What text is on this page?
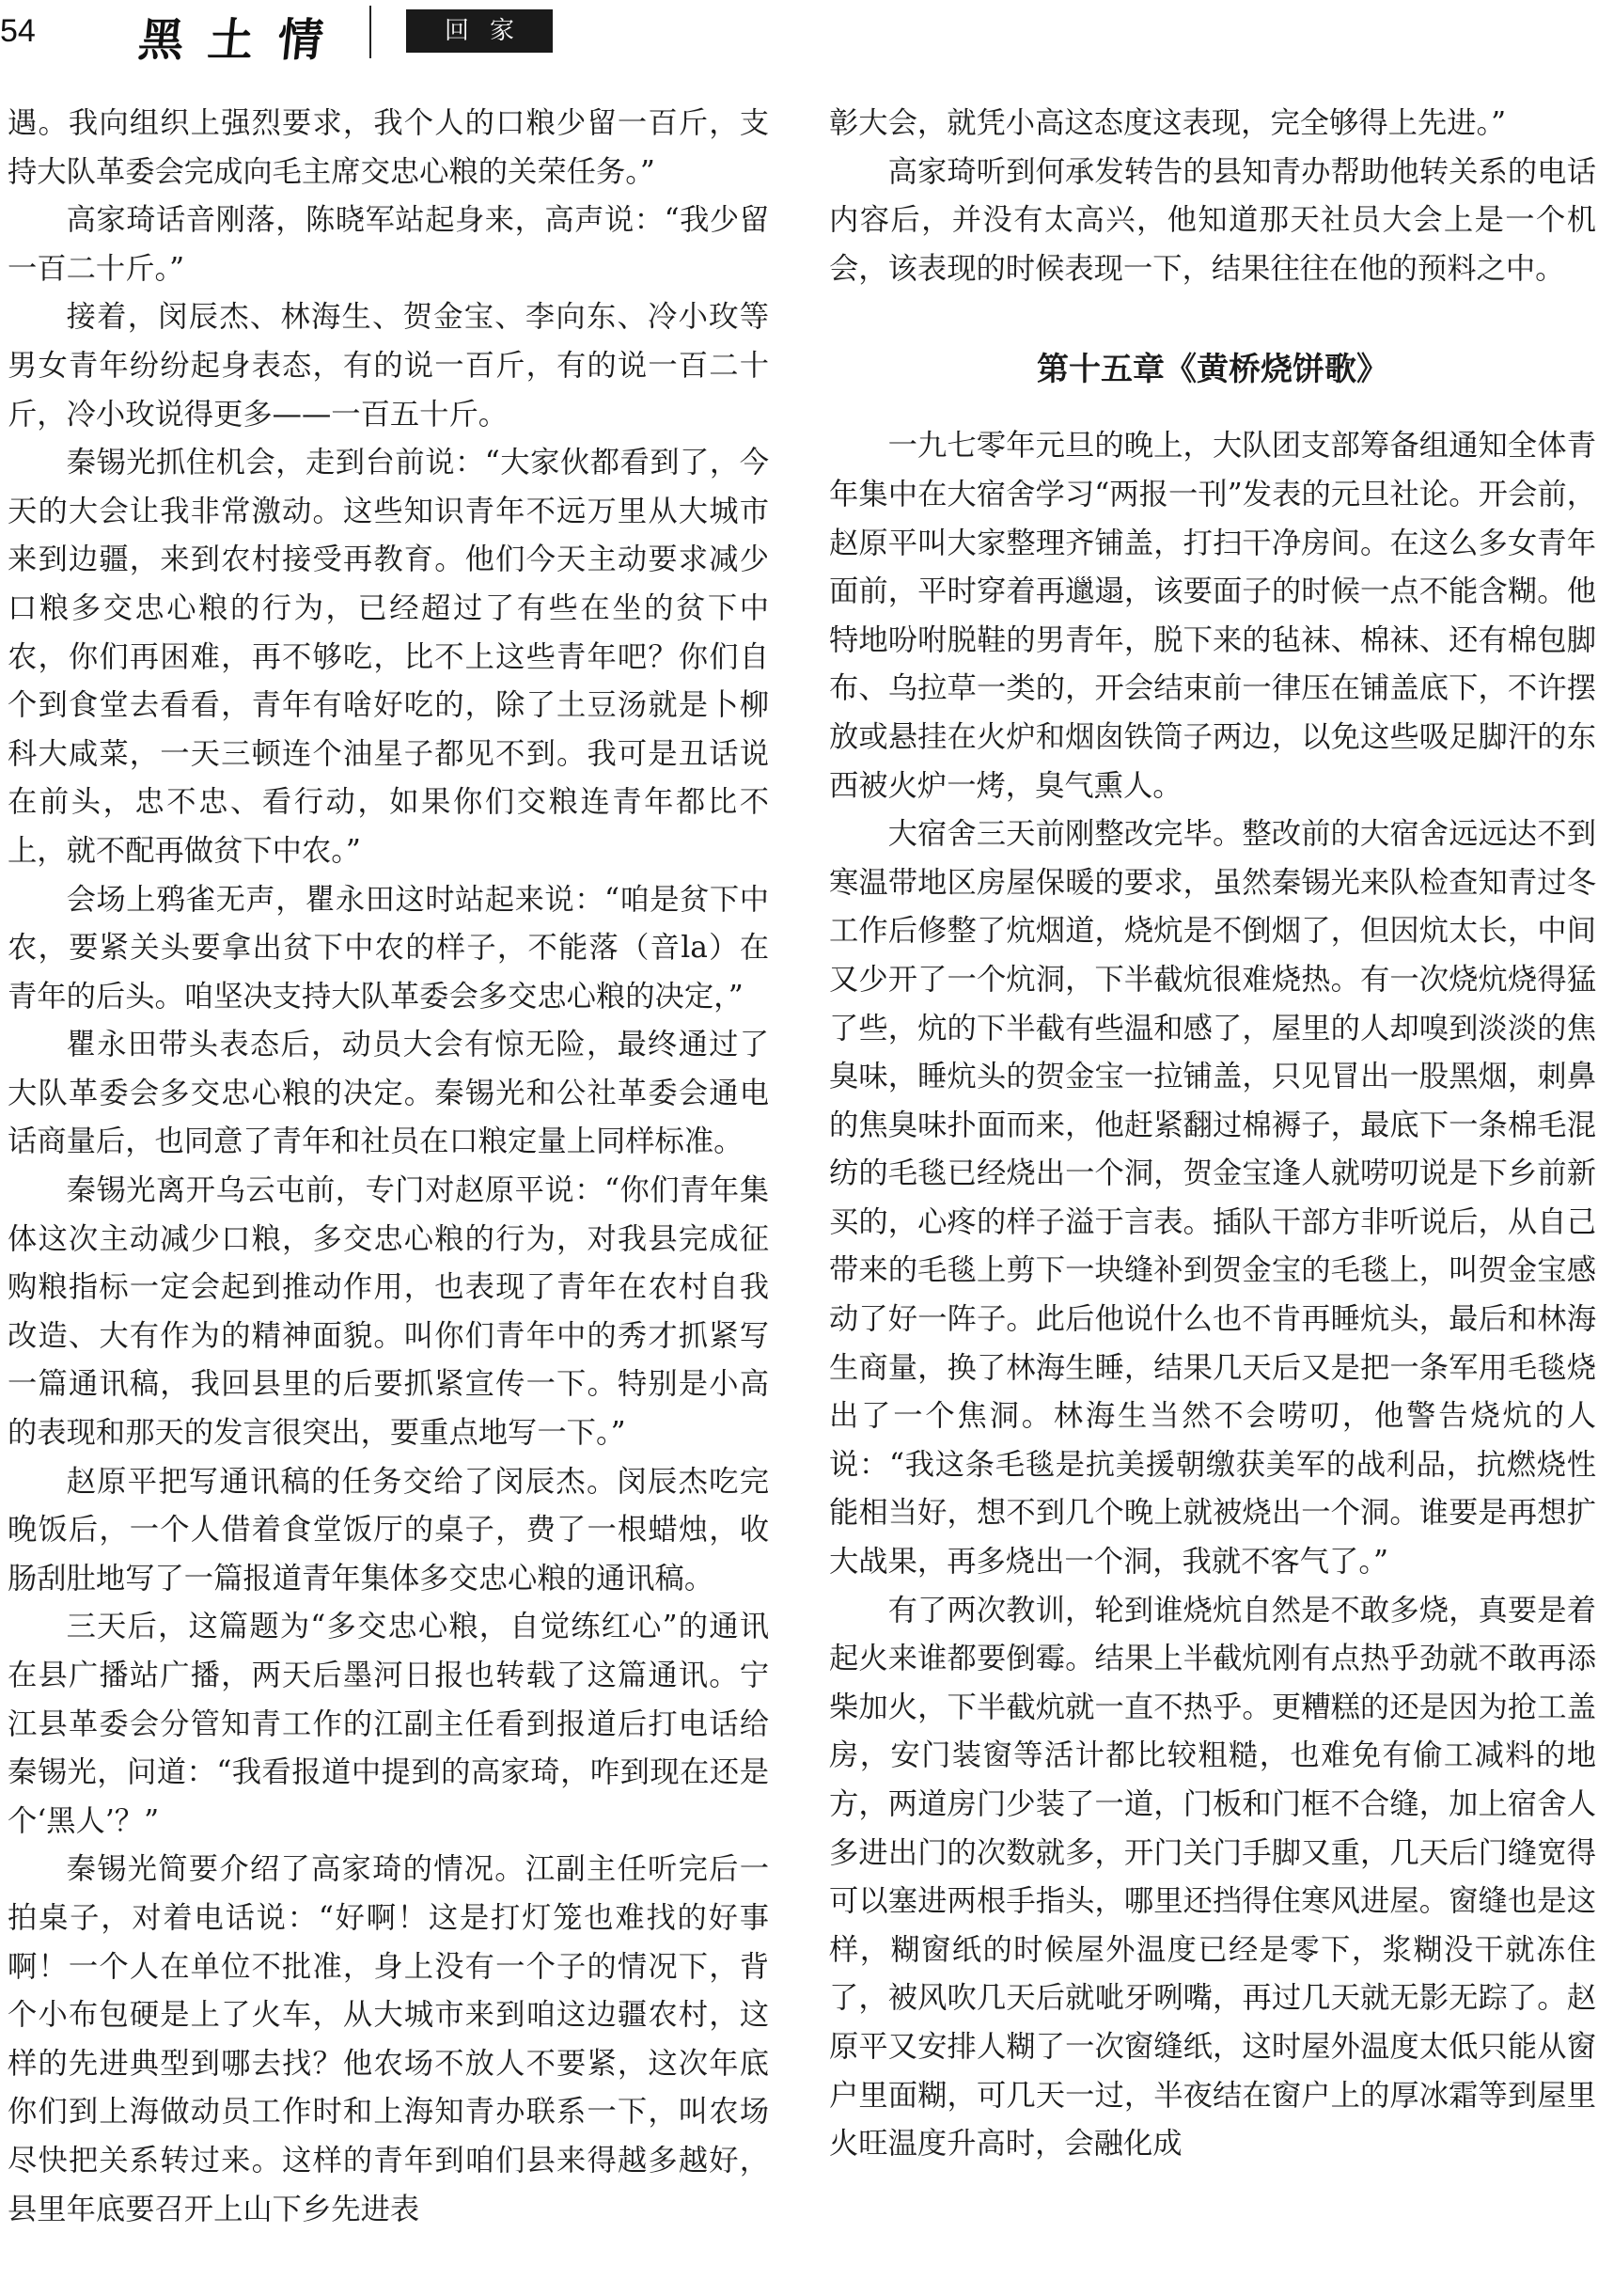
54 黑土情	回家

遇。我向组织上强烈要求，我个人的口粮少留一百斤，支持大队革委会完成向毛主席交忠心粮的关荣任务。”

高家琦话音刚落，陈晓军站起身来，高声说：“我少留一百二十斤。”

接着，闵辰杰、林海生、贺金宝、李向东、冷小玫等男女青年纷纷起身表态，有的说一百斤，有的说一百二十斤，冷小玫说得更多——一百五十斤。

秦锡光抓住机会，走到台前说：“大家伙都看到了，今天的大会让我非常激动。这些知识青年不远万里从大城市来到边疆，来到农村接受再教育。他们今天主动要求减少口粮多交忠心粮的行为，已经超过了有些在坐的贫下中农，你们再困难，再不够吃，比不上这些青年吧？你们自个到食堂去看看，青年有啥好吃的，除了土豆汤就是卜柳科大咸菜，一天三顿连个油星子都见不到。我可是丑话说在前头，忠不忠、看行动，如果你们交粮连青年都比不上，就不配再做贫下中农。”

会场上鸦雀无声，瞿永田这时站起来说：“咱是贫下中农，要紧关头要拿出贫下中农的样子，不能落（音la）在青年的后头。咱坚决支持大队革委会多交忠心粮的决定，”

瞿永田带头表态后，动员大会有惊无险，最终通过了大队革委会多交忠心粮的决定。秦锡光和公社革委会通电话商量后，也同意了青年和社员在口粮定量上同样标准。

秦锡光离开乌云屯前，专门对赵原平说：“你们青年集体这次主动减少口粮，多交忠心粮的行为，对我县完成征购粮指标一定会起到推动作用，也表现了青年在农村自我改造、大有作为的精神面貌。叫你们青年中的秀才抓紧写一篇通讯稿，我回县里的后要抓紧宣传一下。特别是小高的表现和那天的发言很突出，要重点地写一下。”

赵原平把写通讯稿的任务交给了闵辰杰。闵辰杰吃完晚饭后，一个人借着食堂饭厅的桌子，费了一根蜡烛，收肠刮肚地写了一篇报道青年集体多交忠心粮的通讯稿。

三天后，这篇题为“多交忠心粮，自觉练红心”的通讯在县广播站广播，两天后墨河日报也转载了这篇通讯。宁江县革委会分管知青工作的江副主任看到报道后打电话给秦锡光，问道：“我看报道中提到的高家琦，咋到现在还是个‘黑人’？”

秦锡光简要介绍了高家琦的情况。江副主任听完后一拍桌子，对着电话说：“好啊！这是打灯笼也难找的好事啊！一个人在单位不批准，身上没有一个子的情况下，背个小布包硬是上了火车，从大城市来到咱这边疆农村，这样的先进典型到哪去找？他农场不放人不要紧，这次年底你们到上海做动员工作时和上海知青办联系一下，叫农场尽快把关系转过来。这样的青年到咱们县来得越多越好，县里年底要召开上山下乡先进表

彰大会，就凭小高这态度这表现，完全够得上先进。”

高家琦听到何承发转告的县知青办帮助他转关系的电话内容后，并没有太高兴，他知道那天社员大会上是一个机会，该表现的时候表现一下，结果往往在他的预料之中。

第十五章《黄桥烧饼歌》

一九七零年元旦的晚上，大队团支部筹备组通知全体青年集中在大宿舍学习“两报一刊”发表的元旦社论。开会前，赵原平叫大家整理齐铺盖，打扫干净房间。在这么多女青年面前，平时穿着再邋遢，该要面子的时候一点不能含糊。他特地吩咐脱鞋的男青年，脱下来的毡袜、棉袜、还有棉包脚布、乌拉草一类的，开会结束前一律压在铺盖底下，不许摆放或悬挂在火炉和烟囱铁筒子两边，以免这些吸足脚汗的东西被火炉一烤，臭气熏人。

大宿舍三天前刚整改完毕。整改前的大宿舍远远达不到寒温带地区房屋保暖的要求，虽然秦锡光来队检查知青过冬工作后修整了炕烟道，烧炕是不倒烟了，但因炕太长，中间又少开了一个炕洞，下半截炕很难烧热。有一次烧炕烧得猛了些，炕的下半截有些温和感了，屋里的人却嗅到淡淡的焦臭味，睡炕头的贺金宝一拉铺盖，只见冒出一股黑烟，刺鼻的焦臭味扑面而来，他赶紧翻过棉褥子，最底下一条棉毛混纺的毛毯已经烧出一个洞，贺金宝逢人就唠叨说是下乡前新买的，心疼的样子溢于言表。插队干部方非听说后，从自己带来的毛毯上剪下一块缝补到贺金宝的毛毯上，叫贺金宝感动了好一阵子。此后他说什么也不肯再睡炕头，最后和林海生商量，换了林海生睡，结果几天后又是把一条军用毛毯烧出了一个焦洞。林海生当然不会唠叨，他警告烧炕的人说：“我这条毛毯是抗美援朝缴获美军的战利品，抗燃烧性能相当好，想不到几个晚上就被烧出一个洞。谁要是再想扩大战果，再多烧出一个洞，我就不客气了。”

有了两次教训，轮到谁烧炕自然是不敢多烧，真要是着起火来谁都要倒霉。结果上半截炕刚有点热乎劲就不敢再添柴加火，下半截炕就一直不热乎。更糟糕的还是因为抢工盖房，安门装窗等活计都比较粗糙，也难免有偷工减料的地方，两道房门少装了一道，门板和门框不合缝，加上宿舍人多进出门的次数就多，开门关门手脚又重，几天后门缝宽得可以塞进两根手指头，哪里还挡得住寒风进屋。窗缝也是这样，糊窗纸的时候屋外温度已经是零下，浆糊没干就冻住了，被风吹几天后就呲牙咧嘴，再过几天就无影无踪了。赵原平又安排人糊了一次窗缝纸，这时屋外温度太低只能从窗户里面糊，可几天一过，半夜结在窗户上的厚冰霜等到屋里火旺温度升高时，会融化成
